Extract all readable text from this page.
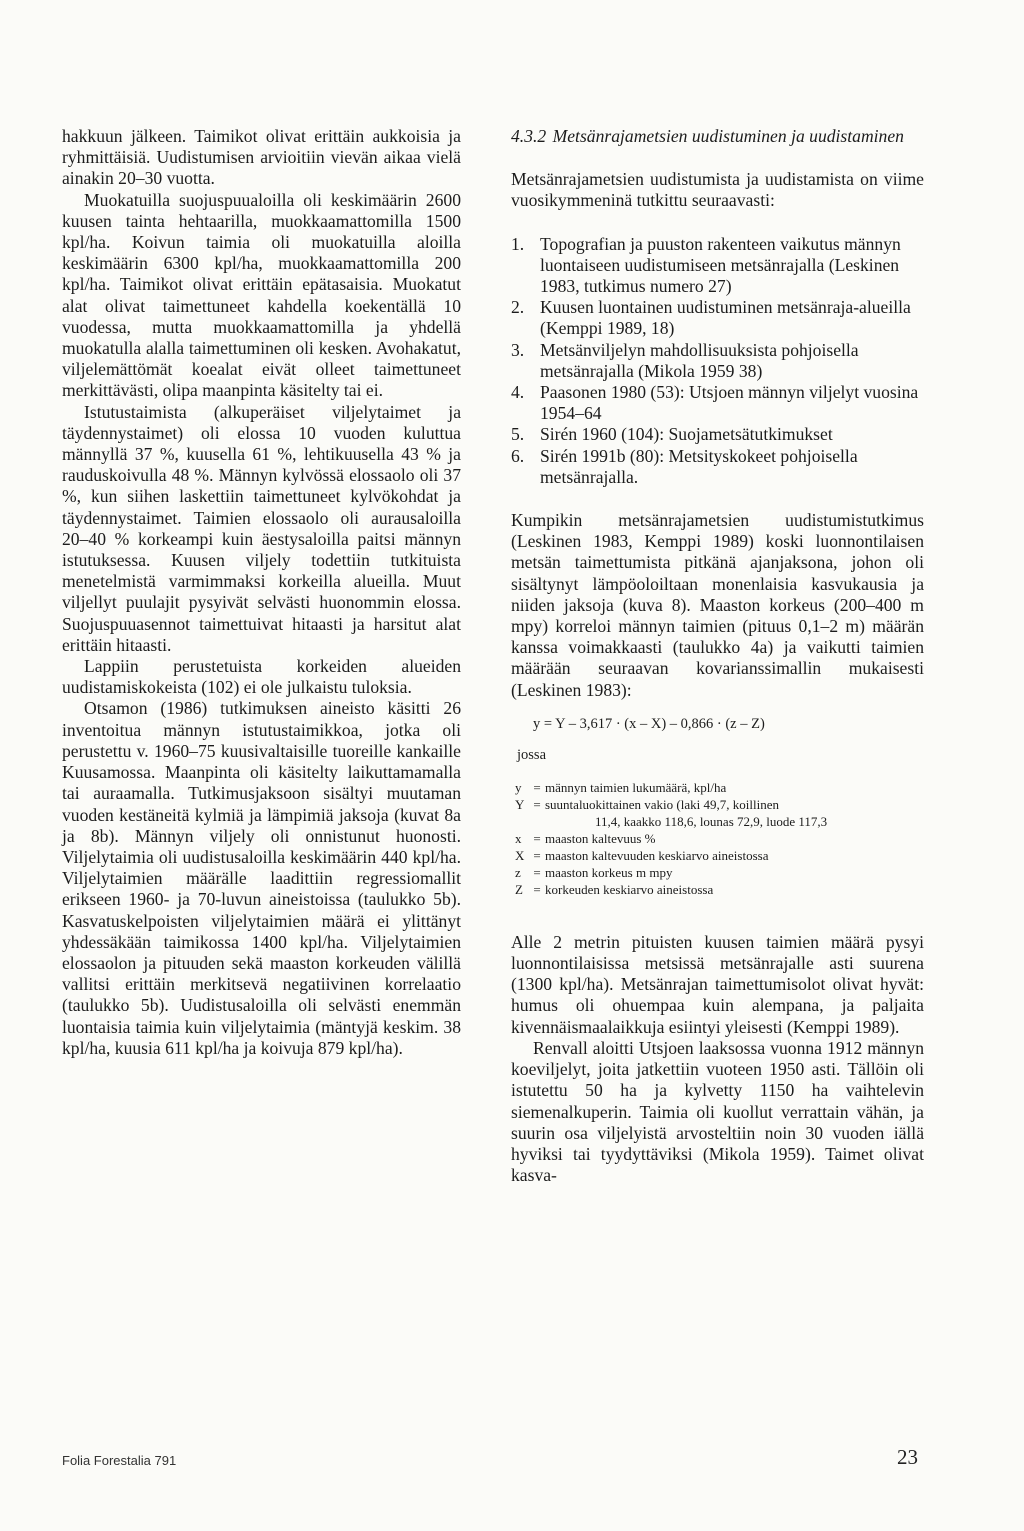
hakkuun jälkeen. Taimikot olivat erittäin aukkoisia ja ryhmittäisiä. Uudistumisen arvioitiin vievän aikaa vielä ainakin 20–30 vuotta.

Muokatuilla suojuspuualoilla oli keskimäärin 2600 kuusen tainta hehtaarilla, muokkaamattomilla 1500 kpl/ha. Koivun taimia oli muokatuilla aloilla keskimäärin 6300 kpl/ha, muokkaamattomilla 200 kpl/ha. Taimikot olivat erittäin epätasaisia. Muokatut alat olivat taimettuneet kahdella koekentällä 10 vuodessa, mutta muokkaamattomilla ja yhdellä muokatulla alalla taimettuminen oli kesken. Avohakatut, viljelemättömät koealat eivät olleet taimettuneet merkittävästi, olipa maanpinta käsitelty tai ei.

Istutustaimista (alkuperäiset viljelytaimet ja täydennystaimet) oli elossa 10 vuoden kuluttua männyllä 37 %, kuusella 61 %, lehtikuusella 43 % ja rauduskoivulla 48 %. Männyn kylvössä elossaolo oli 37 %, kun siihen laskettiin taimettuneet kylvökohdat ja täydennystaimet. Taimien elossaolo oli aurausaloilla 20–40 % korkeampi kuin äestysaloilla paitsi männyn istutuksessa. Kuusen viljely todettiin tutkituista menetelmistä varmimmaksi korkeilla alueilla. Muut viljellyt puulajit pysyivät selvästi huonommin elossa. Suojuspuuasennot taimettuivat hitaasti ja harsitut alat erittäin hitaasti.

Lappiin perustetuista korkeiden alueiden uudistamiskokeista (102) ei ole julkaistu tuloksia.

Otsamon (1986) tutkimuksen aineisto käsitti 26 inventoitua männyn istutustaimikkoa, jotka oli perustettu v. 1960–75 kuusivaltaisille tuoreille kankaille Kuusamossa. Maanpinta oli käsitelty laikuttamamalla tai auraamalla. Tutkimusjaksoon sisältyi muutaman vuoden kestäneitä kylmiä ja lämpimiä jaksoja (kuvat 8a ja 8b). Männyn viljely oli onnistunut huonosti. Viljelytaimia oli uudistusaloilla keskimäärin 440 kpl/ha. Viljelytaimien määrälle laadittiin regressiomallit erikseen 1960- ja 70-luvun aineistoissa (taulukko 5b). Kasvatuskelpoisten viljelytaimien määrä ei ylittänyt yhdessäkään taimikossa 1400 kpl/ha. Viljelytaimien elossaolon ja pituuden sekä maaston korkeuden välillä vallitsi erittäin merkitsevä negatiivinen korrelaatio (taulukko 5b). Uudistusaloilla oli selvästi enemmän luontaisia taimia kuin viljelytaimia (mäntyjä keskim. 38 kpl/ha, kuusia 611 kpl/ha ja koivuja 879 kpl/ha).

4.3.2 Metsänrajametsien uudistuminen ja uudistaminen

Metsänrajametsien uudistumista ja uudistamista on viime vuosikymmeninä tutkittu seuraavasti:

1. Topografian ja puuston rakenteen vaikutus männyn luontaiseen uudistumiseen metsänrajalla (Leskinen 1983, tutkimus numero 27)
2. Kuusen luontainen uudistuminen metsänraja-alueilla (Kemppi 1989, 18)
3. Metsänviljelyn mahdollisuuksista pohjoisella metsänrajalla (Mikola 1959 38)
4. Paasonen 1980 (53): Utsjoen männyn viljelyt vuosina 1954–64
5. Sirén 1960 (104): Suojametsätutkimukset
6. Sirén 1991b (80): Metsityskokeet pohjoisella metsänrajalla.

Kumpikin metsänrajametsien uudistumistutkimus (Leskinen 1983, Kemppi 1989) koski luonnontilaisen metsän taimettumista pitkänä ajanjaksona, johon oli sisältynyt lämpöoloiltaan monenlaisia kasvukausia ja niiden jaksoja (kuva 8). Maaston korkeus (200–400 m mpy) korreloi männyn taimien (pituus 0,1–2 m) määrän kanssa voimakkaasti (taulukko 4a) ja vaikutti taimien määrään seuraavan kovarianssimallin mukaisesti (Leskinen 1983):

y = Y – 3,617 · (x – X) – 0,866 · (z – Z)
jossa
y	=	männyn taimien lukumäärä, kpl/ha
Y	=	suuntaluokittainen vakio (laki 49,7, koillinen
		11,4, kaakko 118,6, lounas 72,9, luode 117,3
x	=	maaston kaltevuus %
X	=	maaston kaltevuuden keskiarvo aineistossa
z	=	maaston korkeus m mpy
Z	=	korkeuden keskiarvo aineistossa

Alle 2 metrin pituisten kuusen taimien määrä pysyi luonnontilaisissa metsissä metsänrajalle asti suurena (1300 kpl/ha). Metsänrajan taimettumisolot olivat hyvät: humus oli ohuempaa kuin alempana, ja paljaita kivennäismaalaikkuja esiintyi yleisesti (Kemppi 1989).

Renvall aloitti Utsjoen laaksossa vuonna 1912 männyn koeviljelyt, joita jatkettiin vuoteen 1950 asti. Tällöin oli istutettu 50 ha ja kylvetty 1150 ha vaihtelevin siemenalkuperin. Taimia oli kuollut verrattain vähän, ja suurin osa viljelyistä arvosteltiin noin 30 vuoden iällä hyviksi tai tyydyttäviksi (Mikola 1959). Taimet olivat kasva-

Folia Forestalia 791	23
